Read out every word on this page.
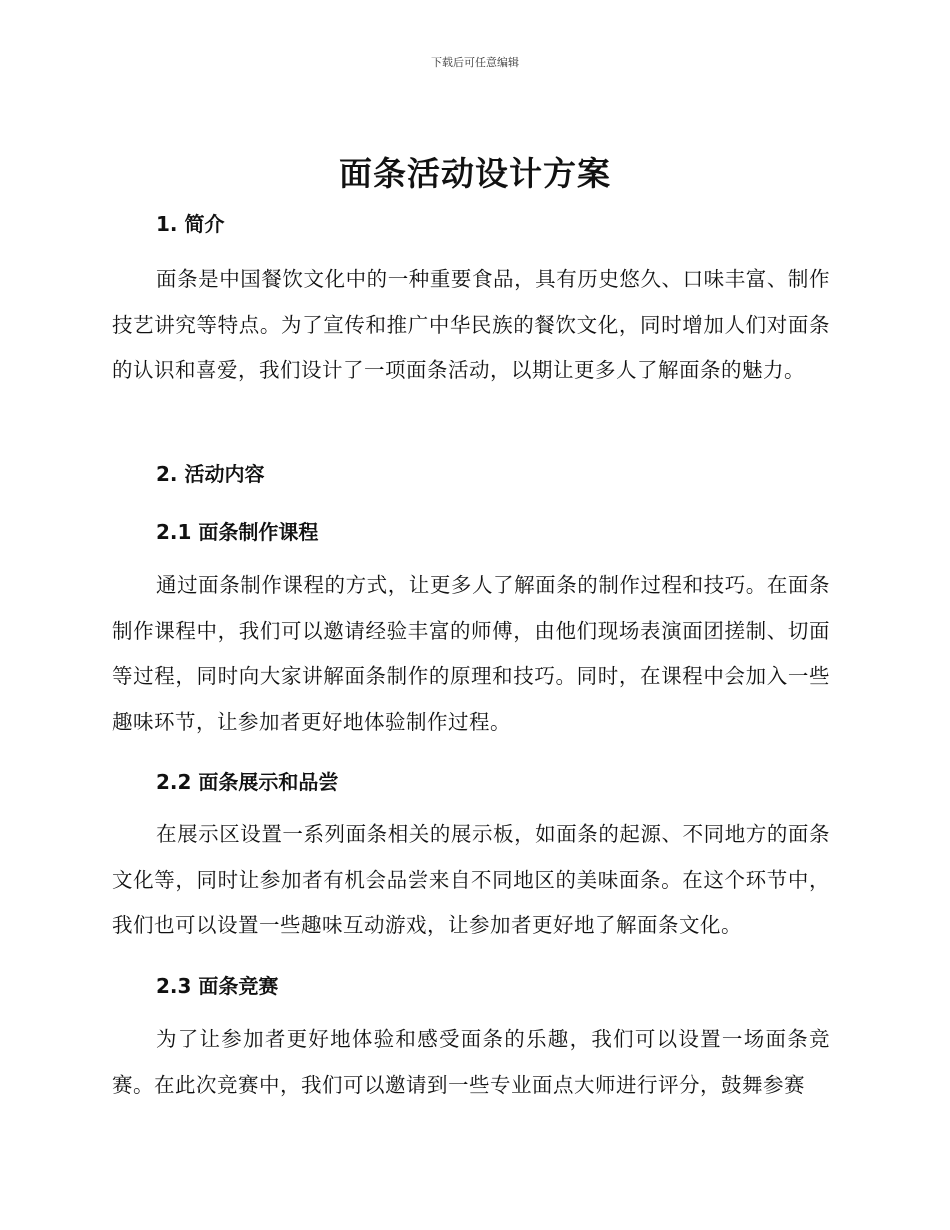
下载后可任意编辑
面条活动设计方案
1. 简介

面条是中国餐饮文化中的一种重要食品，具有历史悠久、口味丰富、制作技艺讲究等特点。为了宣传和推广中华民族的餐饮文化，同时增加人们对面条的认识和喜爱，我们设计了一项面条活动，以期让更多人了解面条的魅力。

2. 活动内容
2.1 面条制作课程

通过面条制作课程的方式，让更多人了解面条的制作过程和技巧。在面条制作课程中，我们可以邀请经验丰富的师傅，由他们现场表演面团搓制、切面等过程，同时向大家讲解面条制作的原理和技巧。同时，在课程中会加入一些趣味环节，让参加者更好地体验制作过程。

2.2 面条展示和品尝

在展示区设置一系列面条相关的展示板，如面条的起源、不同地方的面条文化等，同时让参加者有机会品尝来自不同地区的美味面条。在这个环节中，我们也可以设置一些趣味互动游戏，让参加者更好地了解面条文化。

2.3 面条竞赛

为了让参加者更好地体验和感受面条的乐趣，我们可以设置一场面条竞赛。在此次竞赛中，我们可以邀请到一些专业面点大师进行评分，鼓舞参赛
